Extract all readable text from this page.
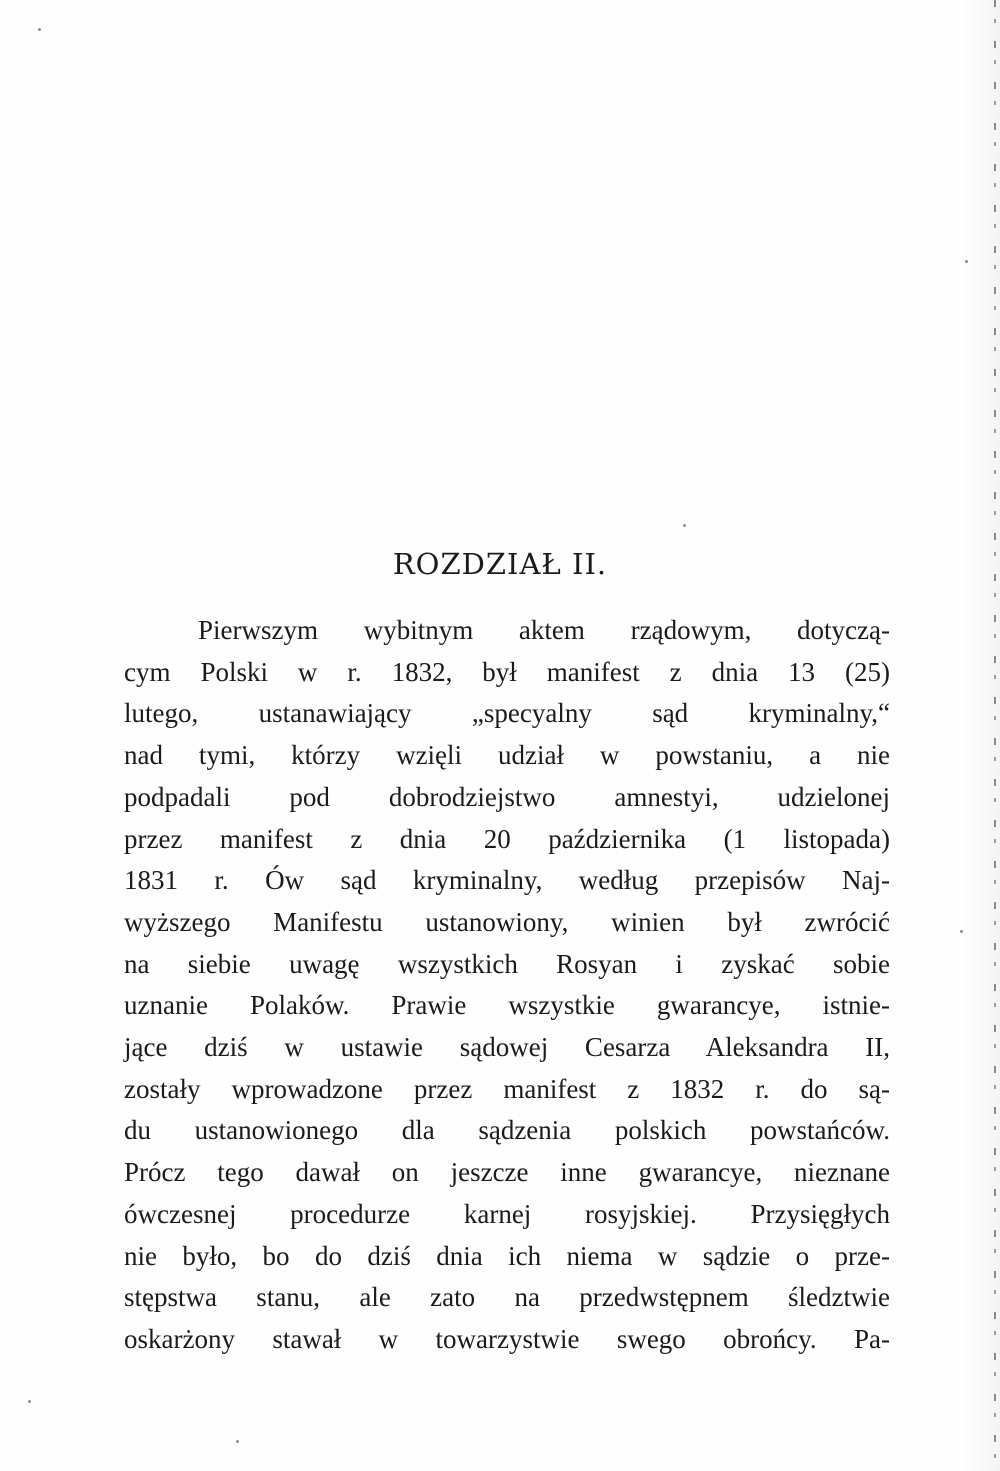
ROZDZIAŁ II.

Pierwszym wybitnym aktem rządowym, dotyczą-
cym Polski w r. 1832, był manifest z dnia 13 (25)
lutego, ustanawiający „specyalny sąd kryminalny,“
nad tymi, którzy wzięli udział w powstaniu, a nie
podpadali pod dobrodziejstwo amnestyi, udzielonej
przez manifest z dnia 20 października (1 listopada)
1831 r. Ów sąd kryminalny, według przepisów Naj-
wyższego Manifestu ustanowiony, winien był zwrócić
na siebie uwagę wszystkich Rosyan i zyskać sobie
uznanie Polaków. Prawie wszystkie gwarancye, istnie-
jące dziś w ustawie sądowej Cesarza Aleksandra II,
zostały wprowadzone przez manifest z 1832 r. do są-
du ustanowionego dla sądzenia polskich powstańców.
Prócz tego dawał on jeszcze inne gwarancye, nieznane
ówczesnej procedurze karnej rosyjskiej. Przysięgłych
nie było, bo do dziś dnia ich niema w sądzie o prze-
stępstwa stanu, ale zato na przedwstępnem śledztwie
oskarżony stawał w towarzystwie swego obrońcy. Pa-
